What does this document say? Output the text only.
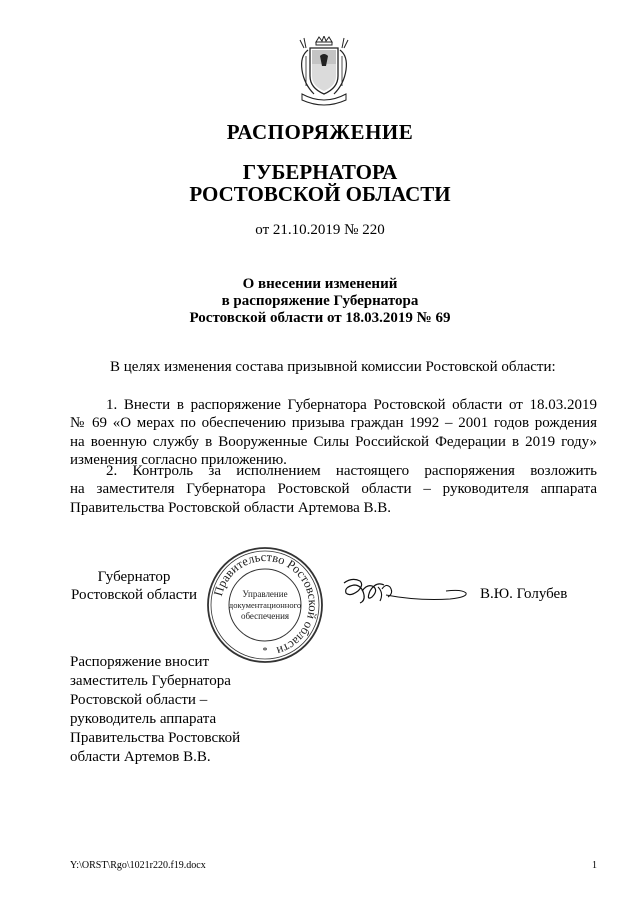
РАСПОРЯЖЕНИЕ
ГУБЕРНАТОРА
РОСТОВСКОЙ ОБЛАСТИ
от 21.10.2019 № 220
О внесении изменений
в распоряжение Губернатора
Ростовской области от 18.03.2019 № 69
В целях изменения состава призывной комиссии Ростовской области:
1. Внести в распоряжение Губернатора Ростовской области от 18.03.2019
№ 69 «О мерах по обеспечению призыва граждан 1992 – 2001 годов рождения
на военную службу в Вооруженные Силы Российской Федерации в 2019 году»
изменения согласно приложению.
2. Контроль за исполнением настоящего распоряжения возложить
на заместителя Губернатора Ростовской области – руководителя аппарата
Правительства Ростовской области Артемова В.В.
Губернатор
Ростовской области Правительство Ростовской области
Управление
документационного
обеспечения
*
В.Ю. Голубев
Распоряжение вносит
заместитель Губернатора
Ростовской области –
руководитель аппарата
Правительства Ростовской
области Артемов В.В.
Y:\ORST\Rgo\1021r220.f19.docx	1
